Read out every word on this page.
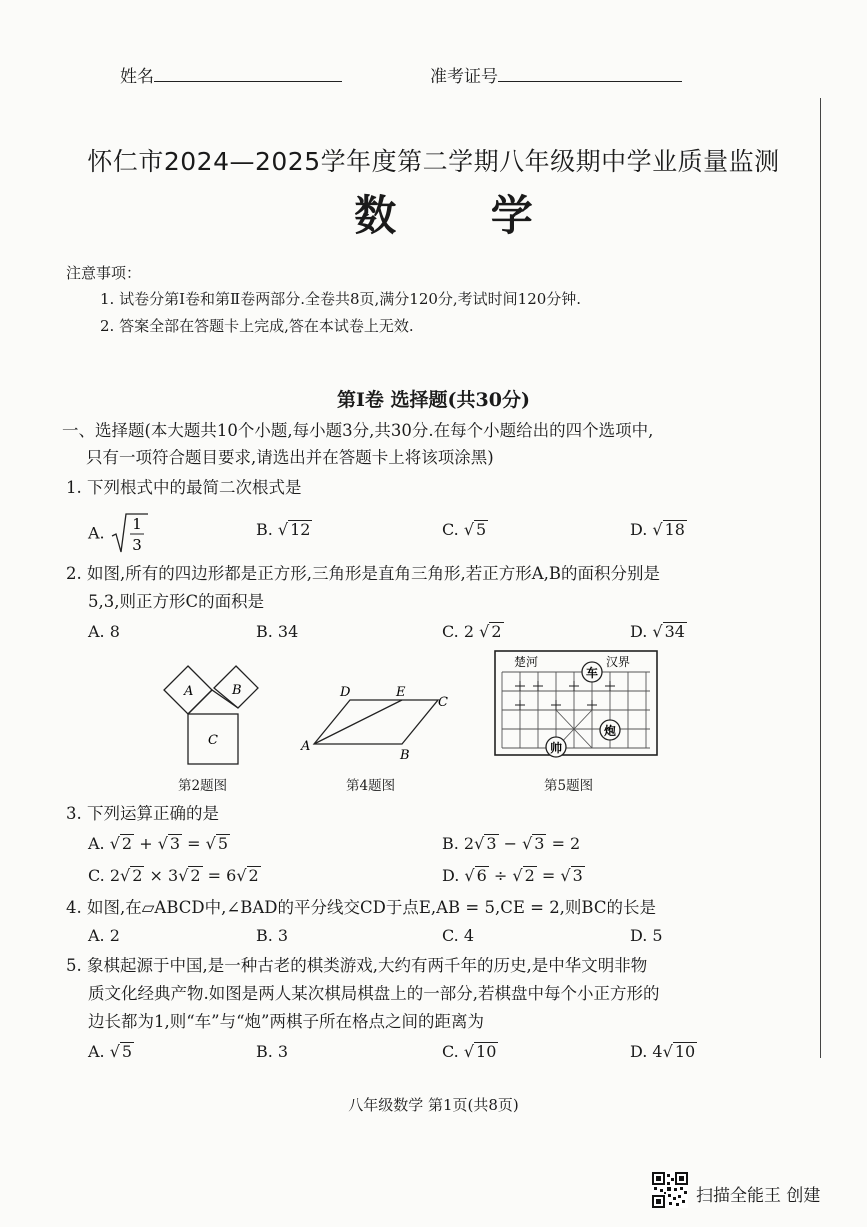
姓名	准考证号
怀仁市2024—2025学年度第二学期八年级期中学业质量监测
数 学
注意事项：
1. 试卷分第Ⅰ卷和第Ⅱ卷两部分.全卷共8页,满分120分,考试时间120分钟.
2. 答案全部在答题卡上完成,答在本试卷上无效.
第Ⅰ卷 选择题(共30分)
一、选择题(本大题共10个小题,每小题3分,共30分.在每个小题给出的四个选项中,
只有一项符合题目要求,请选出并在答题卡上将该项涂黑)
1. 下列根式中的最简二次根式是
A. 1
3
B. √ 12	C. √ 5	D. √ 18
2. 如图,所有的四边形都是正方形,三角形是直角三角形,若正方形A,B的面积分别是
5,3,则正方形C的面积是
A. 8	B. 34	C. 2 √ 2	D. √ 34
A	B
C
第2题图
A
B
C
D	E
第4题图
楚河	汉界
车
炮
帅
第5题图
3. 下列运算正确的是
A. √ 2 + √ 3 = √ 5	B. 2√ 3 − √ 3 = 2
C. 2√ 2 × 3√ 2 = 6√ 2	D. √ 6 ÷ √ 2 = √ 3
4. 如图,在▱ABCD中,∠BAD的平分线交CD于点E,AB = 5,CE = 2,则BC的长是
A. 2	B. 3	C. 4	D. 5
5. 象棋起源于中国,是一种古老的棋类游戏,大约有两千年的历史,是中华文明非物
质文化经典产物.如图是两人某次棋局棋盘上的一部分,若棋盘中每个小正方形的
边长都为1,则“车”与“炮”两棋子所在格点之间的距离为
A. √ 5	B. 3	C. √ 10	D. 4√ 10
八年级数学 第1页(共8页)
扫描全能王 创建
